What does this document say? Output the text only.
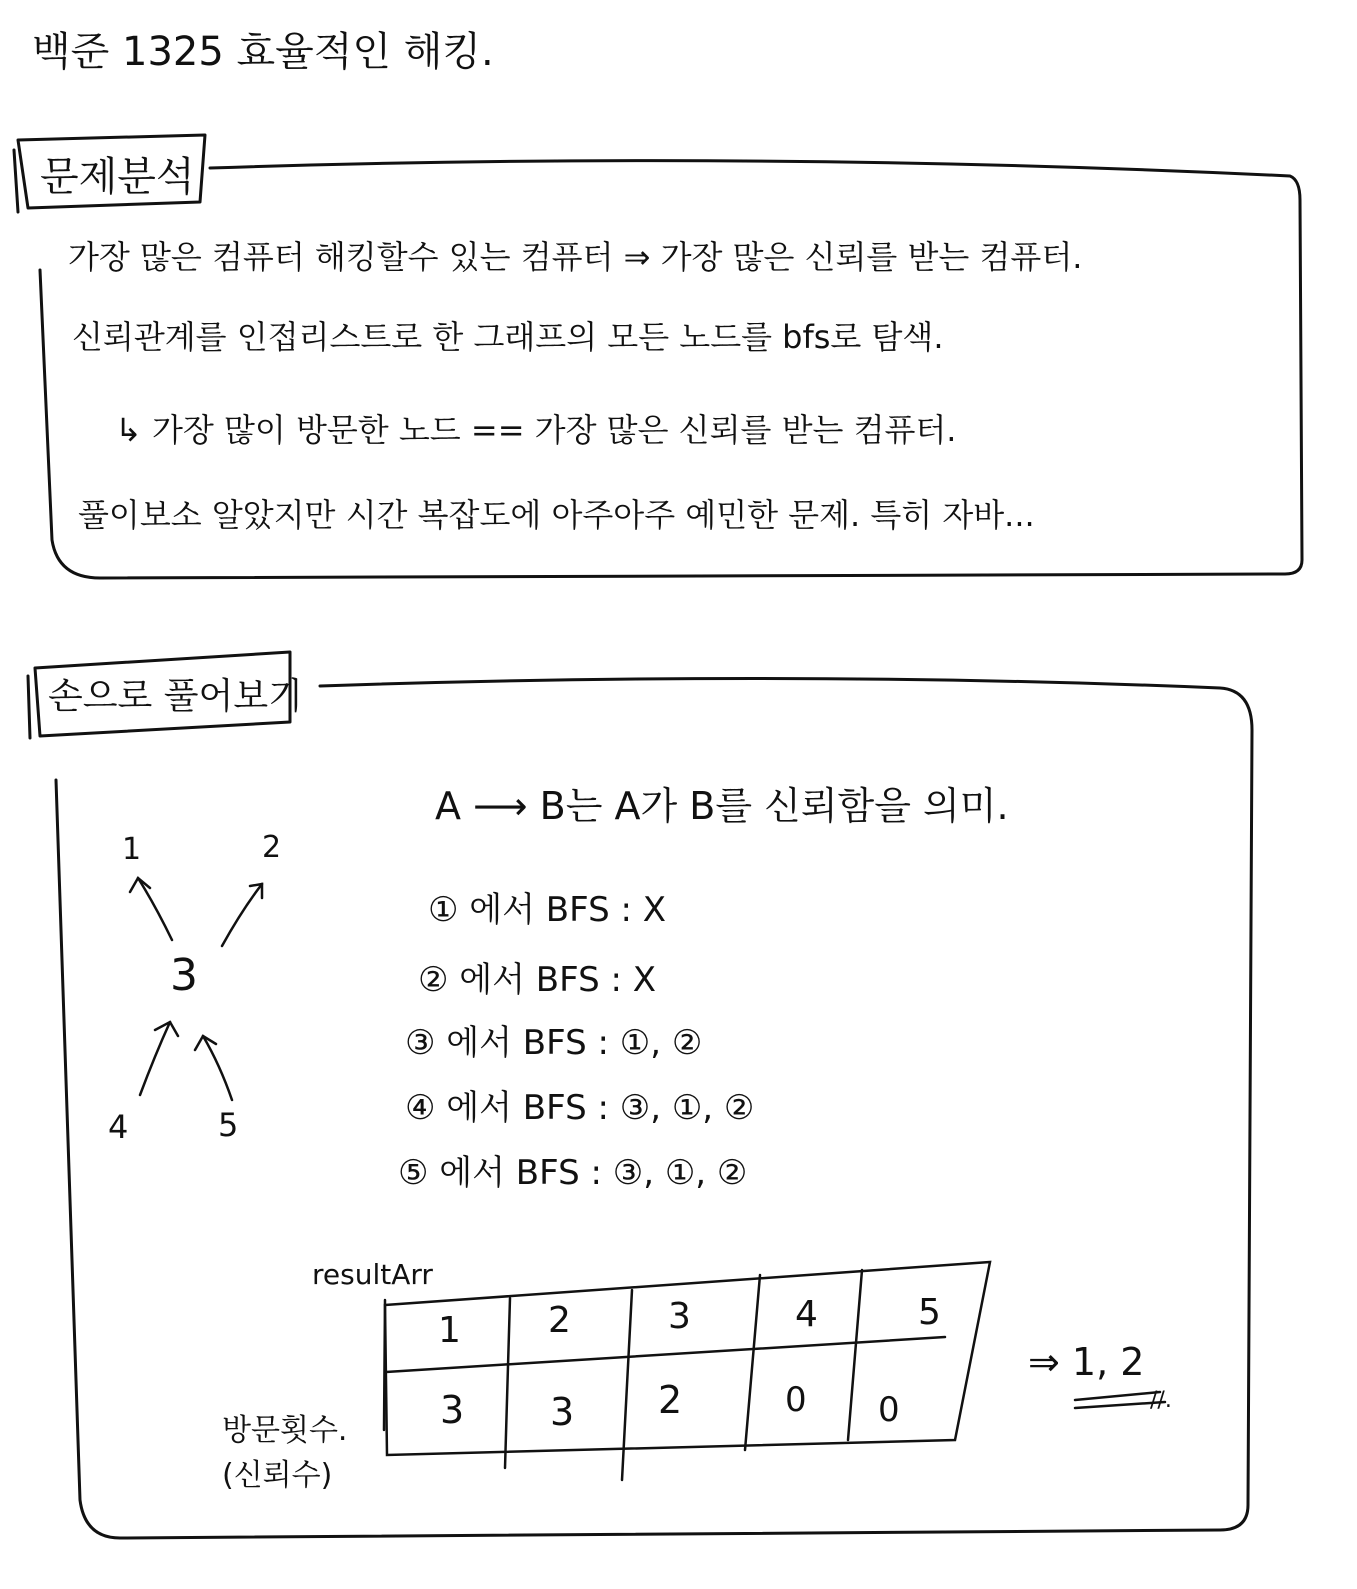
백준 1325 효율적인 해킹.
문제분석
가장 많은 컴퓨터 해킹할수 있는 컴퓨터 ⇒ 가장 많은 신뢰를 받는 컴퓨터.
신뢰관계를 인접리스트로 한 그래프의 모든 노드를 bfs로 탐색.
↳ 가장 많이 방문한 노드 == 가장 많은 신뢰를 받는 컴퓨터.
풀이보소 알았지만 시간 복잡도에 아주아주 예민한 문제. 특히 자바...
손으로 풀어보기
A ⟶ B는 A가 B를 신뢰함을 의미.
1	2
3
4	5
① 에서 BFS : X
② 에서 BFS : X
③ 에서 BFS : ①, ②
④ 에서 BFS : ③, ①, ②
⑤ 에서 BFS : ③, ①, ②
resultArr
1 2	3	4	5
3 3 2	0 0
방문횟수.
(신뢰수)
⇒ 1, 2
//.
